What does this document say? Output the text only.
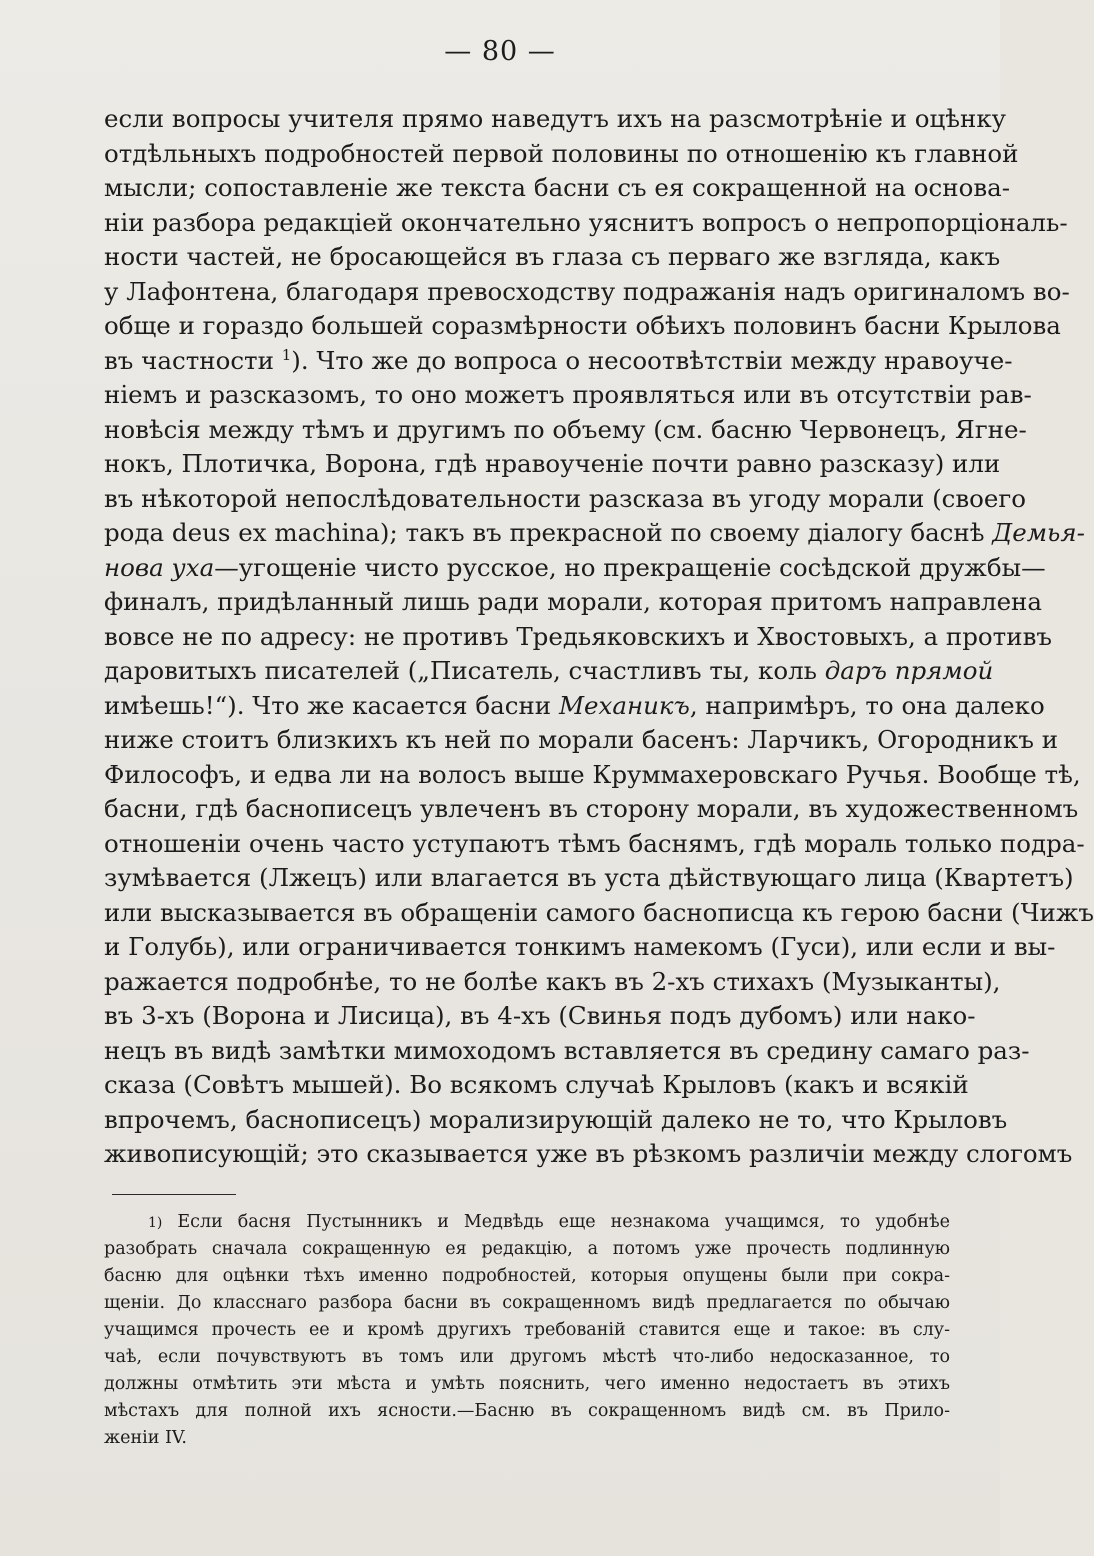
— 80 —
если вопросы учителя прямо наведутъ ихъ на разсмотрѣніе и оцѣнку
отдѣльныхъ подробностей первой половины по отношенію къ главной
мысли; сопоставленіе же текста басни съ ея сокращенной на основа-
ніи разбора редакціей окончательно уяснитъ вопросъ о непропорціональ-
ности частей, не бросающейся въ глаза съ перваго же взгляда, какъ
у Лафонтена, благодаря превосходству подражанія надъ оригиналомъ во-
обще и гораздо большей соразмѣрности обѣихъ половинъ басни Крылова
въ частности $^1$). Что же до вопроса о несоотвѣтствіи между нравоуче-
ніемъ и разсказомъ, то оно можетъ проявляться или въ отсутствіи рав-
новѣсія между тѣмъ и другимъ по объему (см. басню Червонецъ, Ягне-
нокъ, Плотичка, Ворона, гдѣ нравоученіе почти равно разсказу) или
въ нѣкоторой непослѣдовательности разсказа въ угоду морали (своего
рода deus ex machina); такъ въ прекрасной по своему діалогу баснѣ Демья-
нова уха—угощеніе чисто русское, но прекращеніе сосѣдской дружбы—
финалъ, придѣланный лишь ради морали, которая притомъ направлена
вовсе не по адресу: не противъ Тредьяковскихъ и Хвостовыхъ, а противъ
даровитыхъ писателей („Писатель, счастливъ ты, коль даръ прямой
имѣешь!“). Что же касается басни Механикъ, напримѣръ, то она далеко
ниже стоитъ близкихъ къ ней по морали басенъ: Ларчикъ, Огородникъ и
Философъ, и едва ли на волосъ выше Круммахеровскаго Ручья. Вообще тѣ,
басни, гдѣ баснописецъ увлеченъ въ сторону морали, въ художественномъ
отношеніи очень часто уступаютъ тѣмъ баснямъ, гдѣ мораль только подра-
зумѣвается (Лжецъ) или влагается въ уста дѣйствующаго лица (Квартетъ)
или высказывается въ обращеніи самого баснописца къ герою басни (Чижъ
и Голубь), или ограничивается тонкимъ намекомъ (Гуси), или если и вы-
ражается подробнѣе, то не болѣе какъ въ 2-хъ стихахъ (Музыканты),
въ 3-хъ (Ворона и Лисица), въ 4-хъ (Свинья подъ дубомъ) или нако-
нецъ въ видѣ замѣтки мимоходомъ вставляется въ средину самаго раз-
сказа (Совѣтъ мышей). Во всякомъ случаѣ Крыловъ (какъ и всякій
впрочемъ, баснописецъ) морализирующій далеко не то, что Крыловъ
живописующій; это сказывается уже въ рѣзкомъ различіи между слогомъ
1) Если басня Пустынникъ и Медвѣдь еще незнакома учащимся, то удобнѣе
разобрать сначала сокращенную ея редакцію, а потомъ уже прочесть подлинную
басню для оцѣнки тѣхъ именно подробностей, которыя опущены были при сокра-
щеніи. До класснаго разбора басни въ сокращенномъ видѣ предлагается по обычаю
учащимся прочесть ее и кромѣ другихъ требованій ставится еще и такое: въ слу-
чаѣ, если почувствуютъ въ томъ или другомъ мѣстѣ что-либо недосказанное, то
должны отмѣтить эти мѣста и умѣть пояснить, чего именно недостаетъ въ этихъ
мѣстахъ для полной ихъ ясности.—Басню въ сокращенномъ видѣ см. въ Прило-
женіи IV.
